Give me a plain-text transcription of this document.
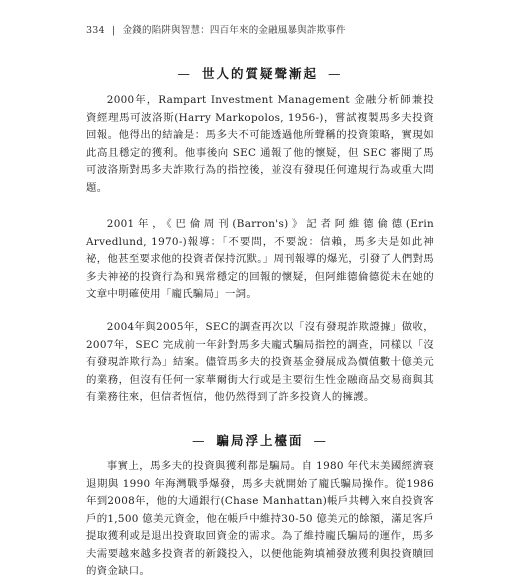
334 | 金錢的陷阱與智慧：四百年來的金融風暴與詐欺事件
— 世人的質疑聲漸起 —

2000年，Rampart Investment Management 金融分析師兼投資經理馬可波洛斯(Harry Markopolos, 1956-)，嘗試複製馬多夫投資回報。他得出的結論是：馬多夫不可能透過他所聲稱的投資策略，實現如此高且穩定的獲利。他事後向 SEC 通報了他的懷疑，但 SEC 審閱了馬可波洛斯對馬多夫詐欺行為的指控後，並沒有發現任何違規行為或重大問題。

2001年，《巴倫周刊(Barron's)》記者阿維德倫德(Erin Arvedlund, 1970-)報導：「不要問，不要說：信賴，馬多夫是如此神祕，他甚至要求他的投資者保持沉默。」周刊報導的爆光，引發了人們對馬多夫神祕的投資行為和異常穩定的回報的懷疑，但阿維德倫德從未在她的文章中明確使用「龐氏騙局」一詞。

2004年與2005年，SEC的調查再次以「沒有發現詐欺證據」做收，2007年，SEC 完成前一年針對馬多夫龐式騙局指控的調查，同樣以「沒有發現詐欺行為」結案。儘管馬多夫的投資基金發展成為價值數十億美元的業務，但沒有任何一家華爾街大行或是主要衍生性金融商品交易商與其有業務往來，但信者恆信，他仍然得到了許多投資人的擁護。

— 騙局浮上檯面 —

事實上，馬多夫的投資與獲利都是騙局。自 1980 年代末美國經濟衰退期與 1990 年海灣戰爭爆發，馬多夫就開始了龐氏騙局操作。從1986年到2008年，他的大通銀行(Chase Manhattan)帳戶共轉入來自投資客戶的1,500 億美元資金，他在帳戶中維持30-50 億美元的餘額，滿足客戶提取獲利或是退出投資取回資金的需求。為了維持龐氏騙局的運作，馬多夫需要越來越多投資者的新錢投入，以便他能夠填補發放獲利與投資贖回的資金缺口。
